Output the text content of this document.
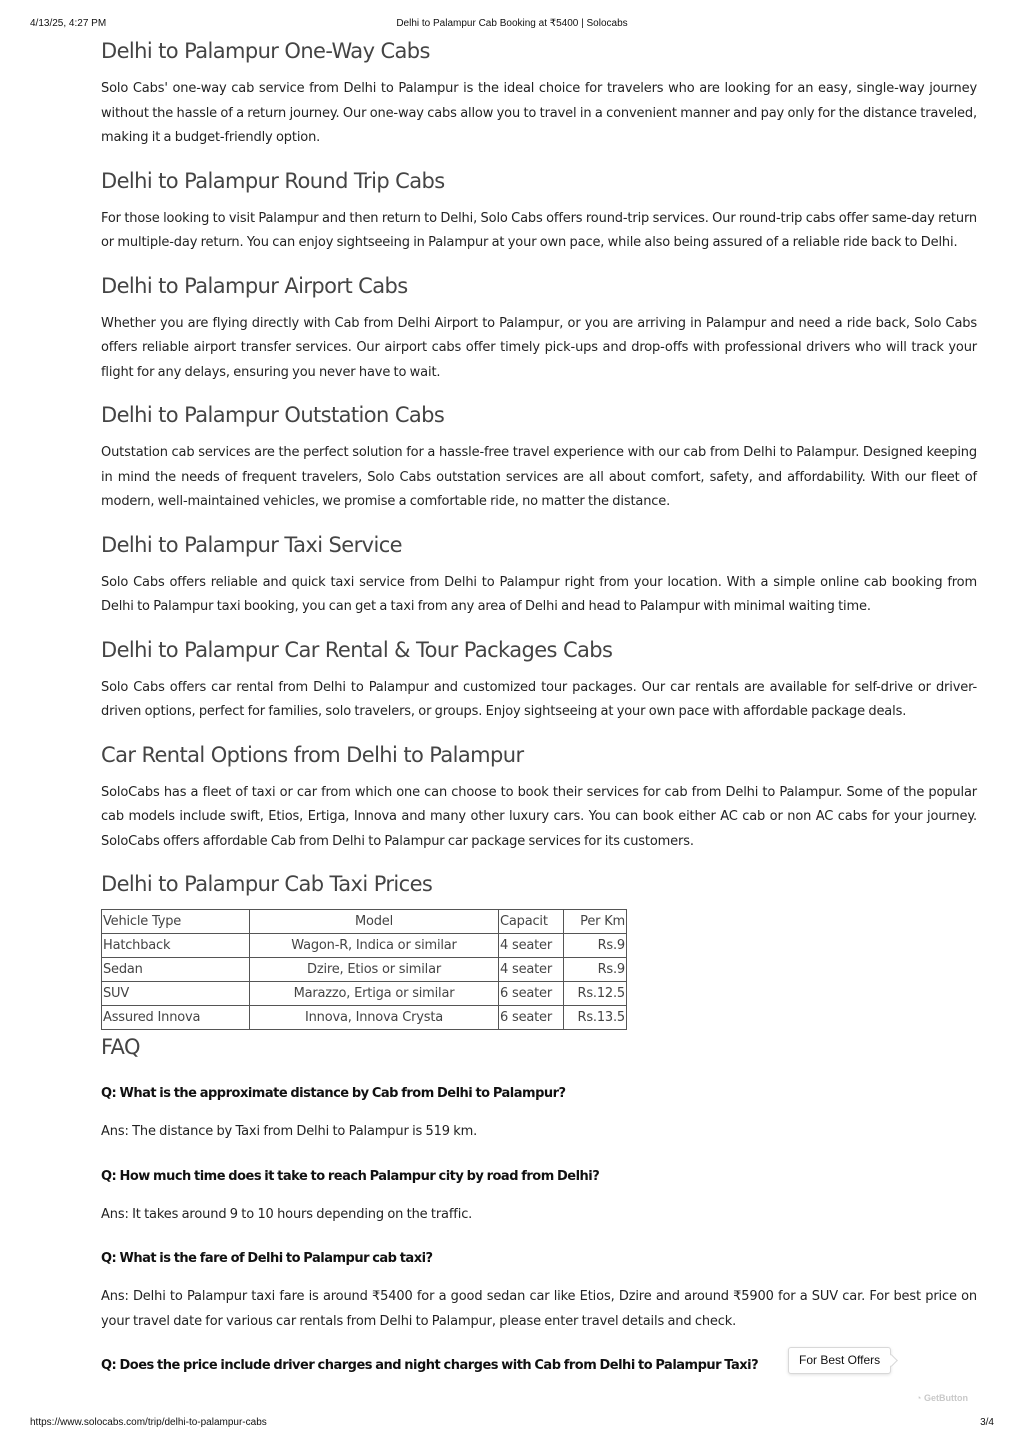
4/13/25, 4:27 PM	Delhi to Palampur Cab Booking at ₹5400 | Solocabs
Delhi to Palampur One-Way Cabs

Solo Cabs' one-way cab service from Delhi to Palampur is the ideal choice for travelers who are looking for an easy, single-way journey without the hassle of a return journey. Our one-way cabs allow you to travel in a convenient manner and pay only for the distance traveled, making it a budget-friendly option.

Delhi to Palampur Round Trip Cabs

For those looking to visit Palampur and then return to Delhi, Solo Cabs offers round-trip services. Our round-trip cabs offer same-day return or multiple-day return. You can enjoy sightseeing in Palampur at your own pace, while also being assured of a reliable ride back to Delhi.

Delhi to Palampur Airport Cabs

Whether you are flying directly with Cab from Delhi Airport to Palampur, or you are arriving in Palampur and need a ride back, Solo Cabs offers reliable airport transfer services. Our airport cabs offer timely pick-ups and drop-offs with professional drivers who will track your flight for any delays, ensuring you never have to wait.

Delhi to Palampur Outstation Cabs

Outstation cab services are the perfect solution for a hassle-free travel experience with our cab from Delhi to Palampur. Designed keeping in mind the needs of frequent travelers, Solo Cabs outstation services are all about comfort, safety, and affordability. With our fleet of modern, well-maintained vehicles, we promise a comfortable ride, no matter the distance.

Delhi to Palampur Taxi Service

Solo Cabs offers reliable and quick taxi service from Delhi to Palampur right from your location. With a simple online cab booking from Delhi to Palampur taxi booking, you can get a taxi from any area of Delhi and head to Palampur with minimal waiting time.

Delhi to Palampur Car Rental & Tour Packages Cabs

Solo Cabs offers car rental from Delhi to Palampur and customized tour packages. Our car rentals are available for self-drive or driver-driven options, perfect for families, solo travelers, or groups. Enjoy sightseeing at your own pace with affordable package deals.

Car Rental Options from Delhi to Palampur

SoloCabs has a fleet of taxi or car from which one can choose to book their services for cab from Delhi to Palampur. Some of the popular cab models include swift, Etios, Ertiga, Innova and many other luxury cars. You can book either AC cab or non AC cabs for your journey. SoloCabs offers affordable Cab from Delhi to Palampur car package services for its customers.

Delhi to Palampur Cab Taxi Prices
Vehicle Type	Model	Capacit	Per Km
Hatchback	Wagon-R, Indica or similar	4 seater	Rs.9
Sedan	Dzire, Etios or similar	4 seater	Rs.9
SUV	Marazzo, Ertiga or similar	6 seater	Rs.12.5
Assured Innova	Innova, Innova Crysta	6 seater	Rs.13.5
FAQ
Q: What is the approximate distance by Cab from Delhi to Palampur?
Ans: The distance by Taxi from Delhi to Palampur is 519 km.
Q: How much time does it take to reach Palampur city by road from Delhi?
Ans: It takes around 9 to 10 hours depending on the traffic.
Q: What is the fare of Delhi to Palampur cab taxi?
Ans: Delhi to Palampur taxi fare is around ₹5400 for a good sedan car like Etios, Dzire and around ₹5900 for a SUV car. For best price on your travel date for various car rentals from Delhi to Palampur, please enter travel details and check.
Q: Does the price include driver charges and night charges with Cab from Delhi to Palampur Taxi?	For Best Offers
◔ GetButton
https://www.solocabs.com/trip/delhi-to-palampur-cabs	3/4
